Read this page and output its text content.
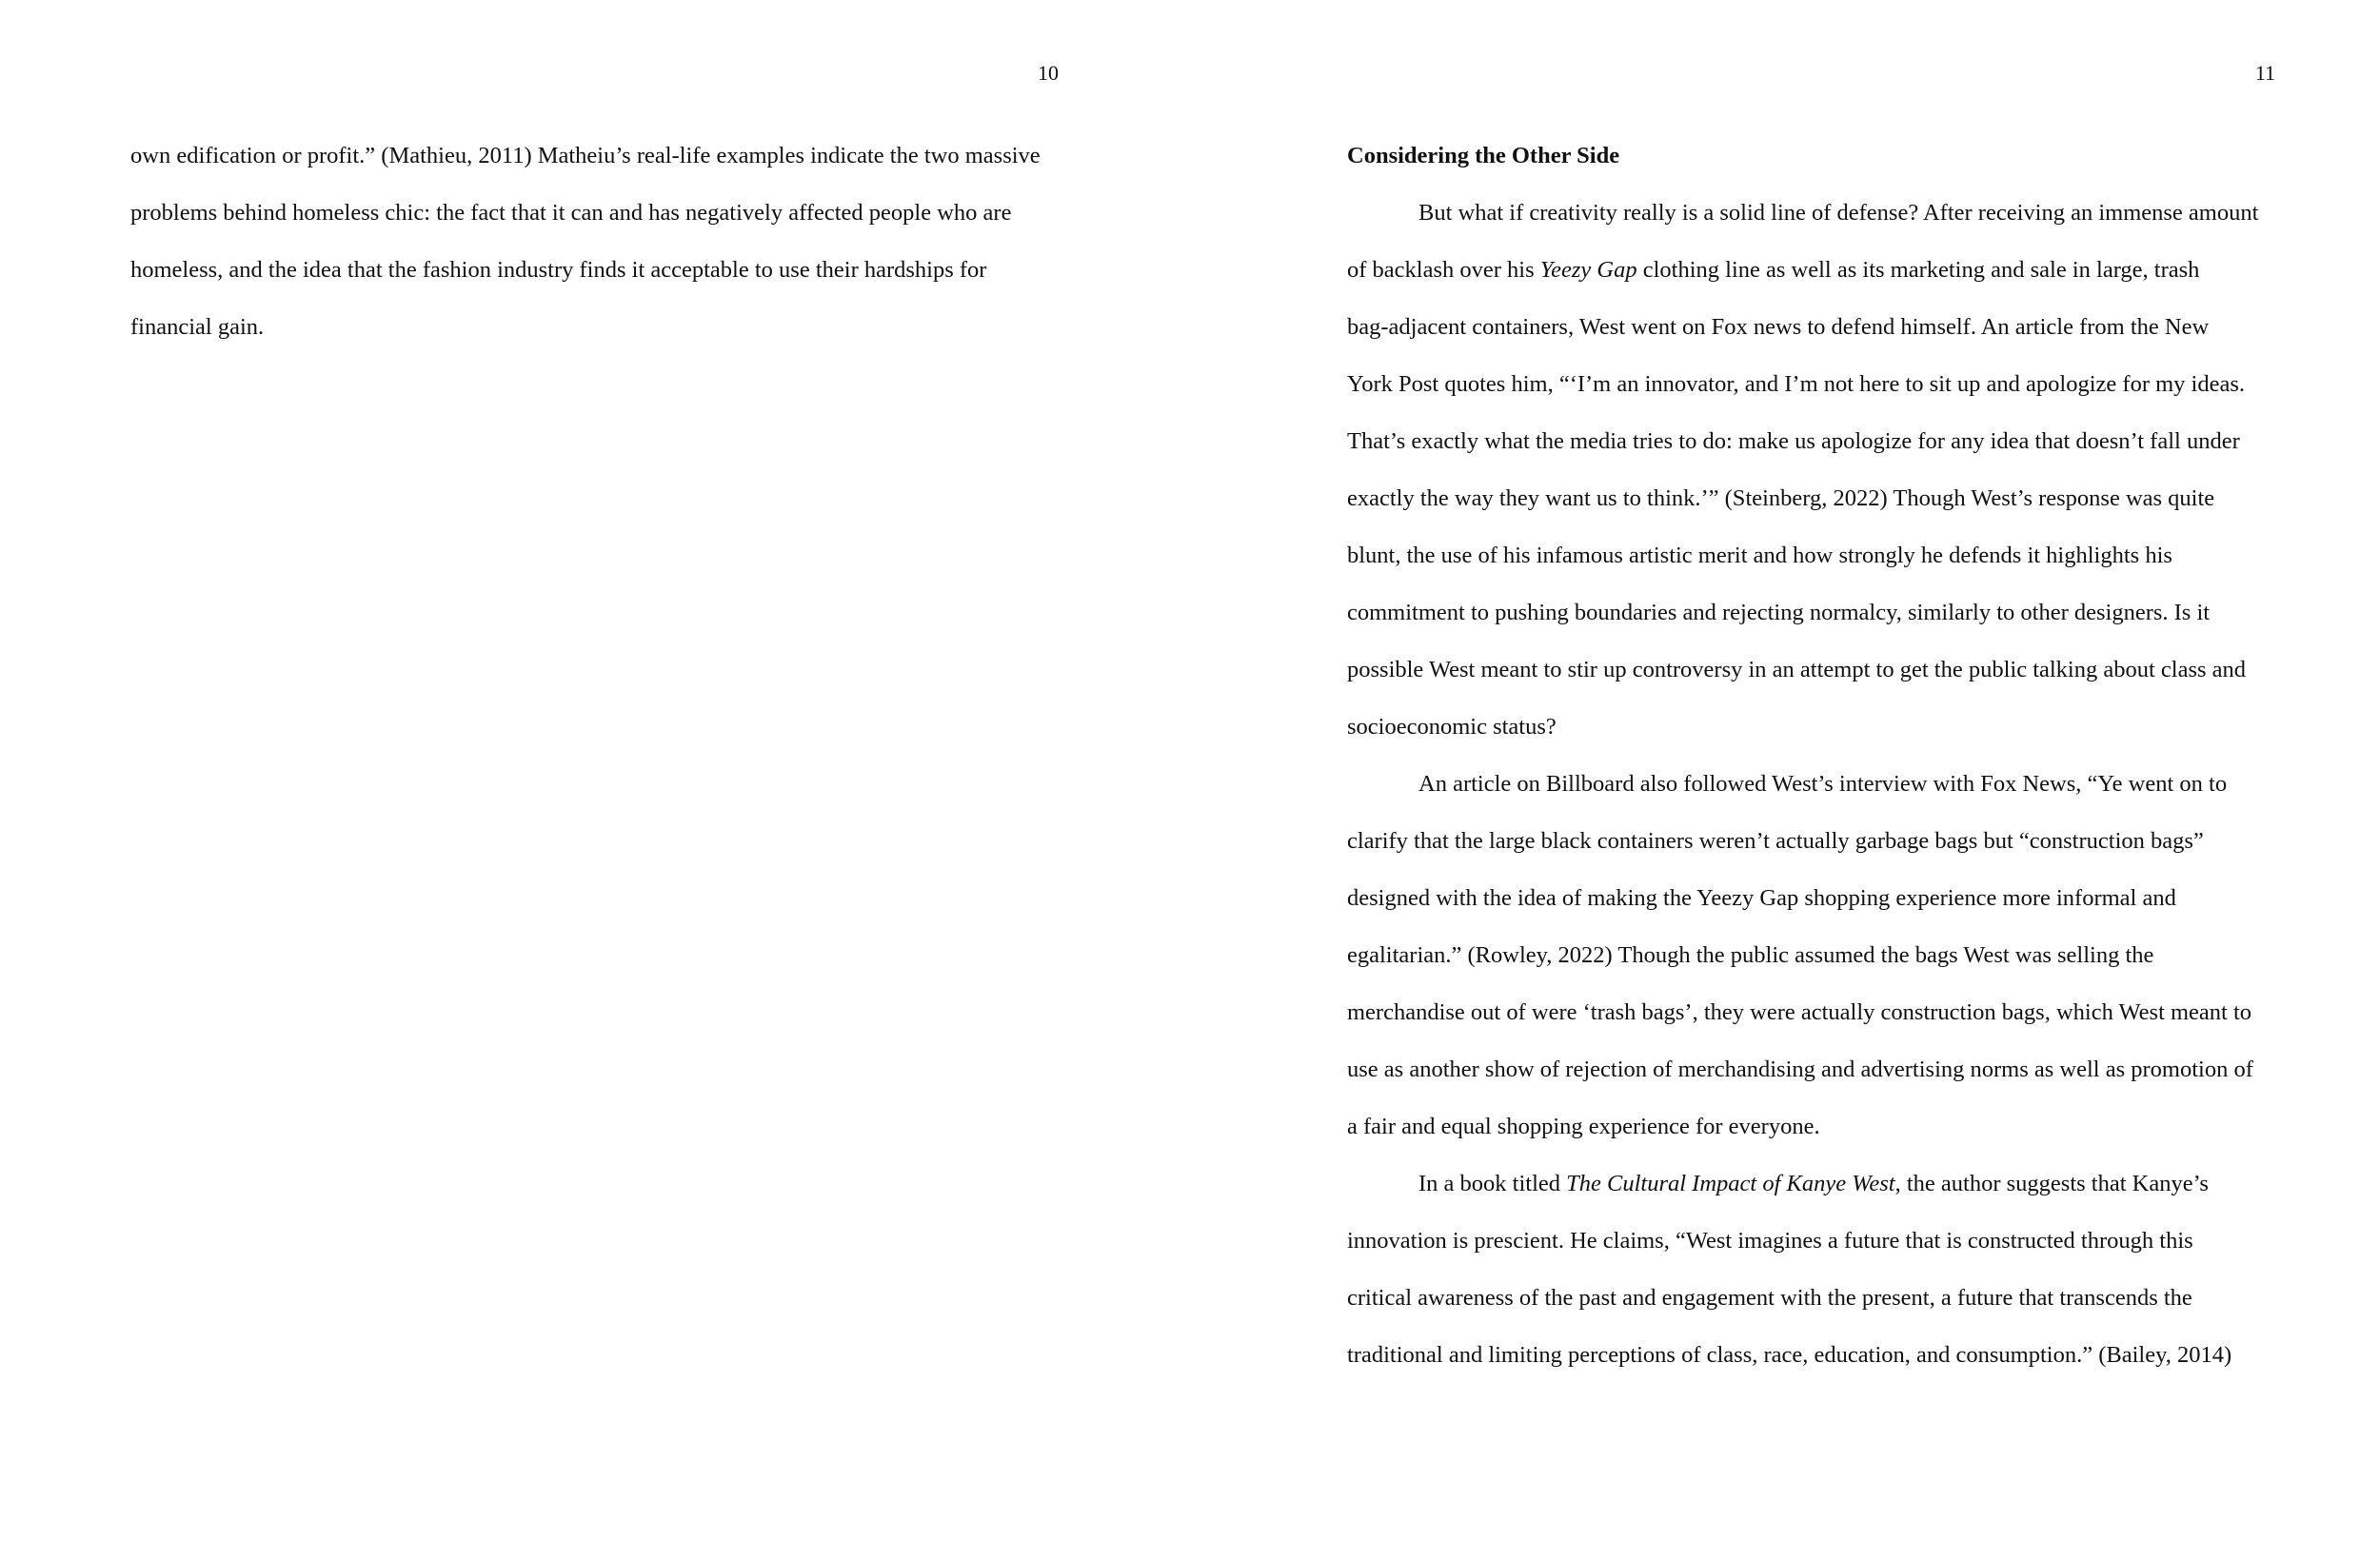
10
own edification or profit.” (Mathieu, 2011) Matheiu’s real-life examples indicate the two massive
problems behind homeless chic: the fact that it can and has negatively affected people who are
homeless, and the idea that the fashion industry finds it acceptable to use their hardships for
financial gain.
11
Considering the Other Side
But what if creativity really is a solid line of defense? After receiving an immense amount
of backlash over his Yeezy Gap clothing line as well as its marketing and sale in large, trash
bag-adjacent containers, West went on Fox news to defend himself. An article from the New
York Post quotes him, “‘I’m an innovator, and I’m not here to sit up and apologize for my ideas.
That’s exactly what the media tries to do: make us apologize for any idea that doesn’t fall under
exactly the way they want us to think.’” (Steinberg, 2022) Though West’s response was quite
blunt, the use of his infamous artistic merit and how strongly he defends it highlights his
commitment to pushing boundaries and rejecting normalcy, similarly to other designers. Is it
possible West meant to stir up controversy in an attempt to get the public talking about class and
socioeconomic status?
An article on Billboard also followed West’s interview with Fox News, “Ye went on to
clarify that the large black containers weren’t actually garbage bags but “construction bags”
designed with the idea of making the Yeezy Gap shopping experience more informal and
egalitarian.” (Rowley, 2022) Though the public assumed the bags West was selling the
merchandise out of were ‘trash bags’, they were actually construction bags, which West meant to
use as another show of rejection of merchandising and advertising norms as well as promotion of
a fair and equal shopping experience for everyone.
In a book titled The Cultural Impact of Kanye West, the author suggests that Kanye’s
innovation is prescient. He claims, “West imagines a future that is constructed through this
critical awareness of the past and engagement with the present, a future that transcends the
traditional and limiting perceptions of class, race, education, and consumption.” (Bailey, 2014)
